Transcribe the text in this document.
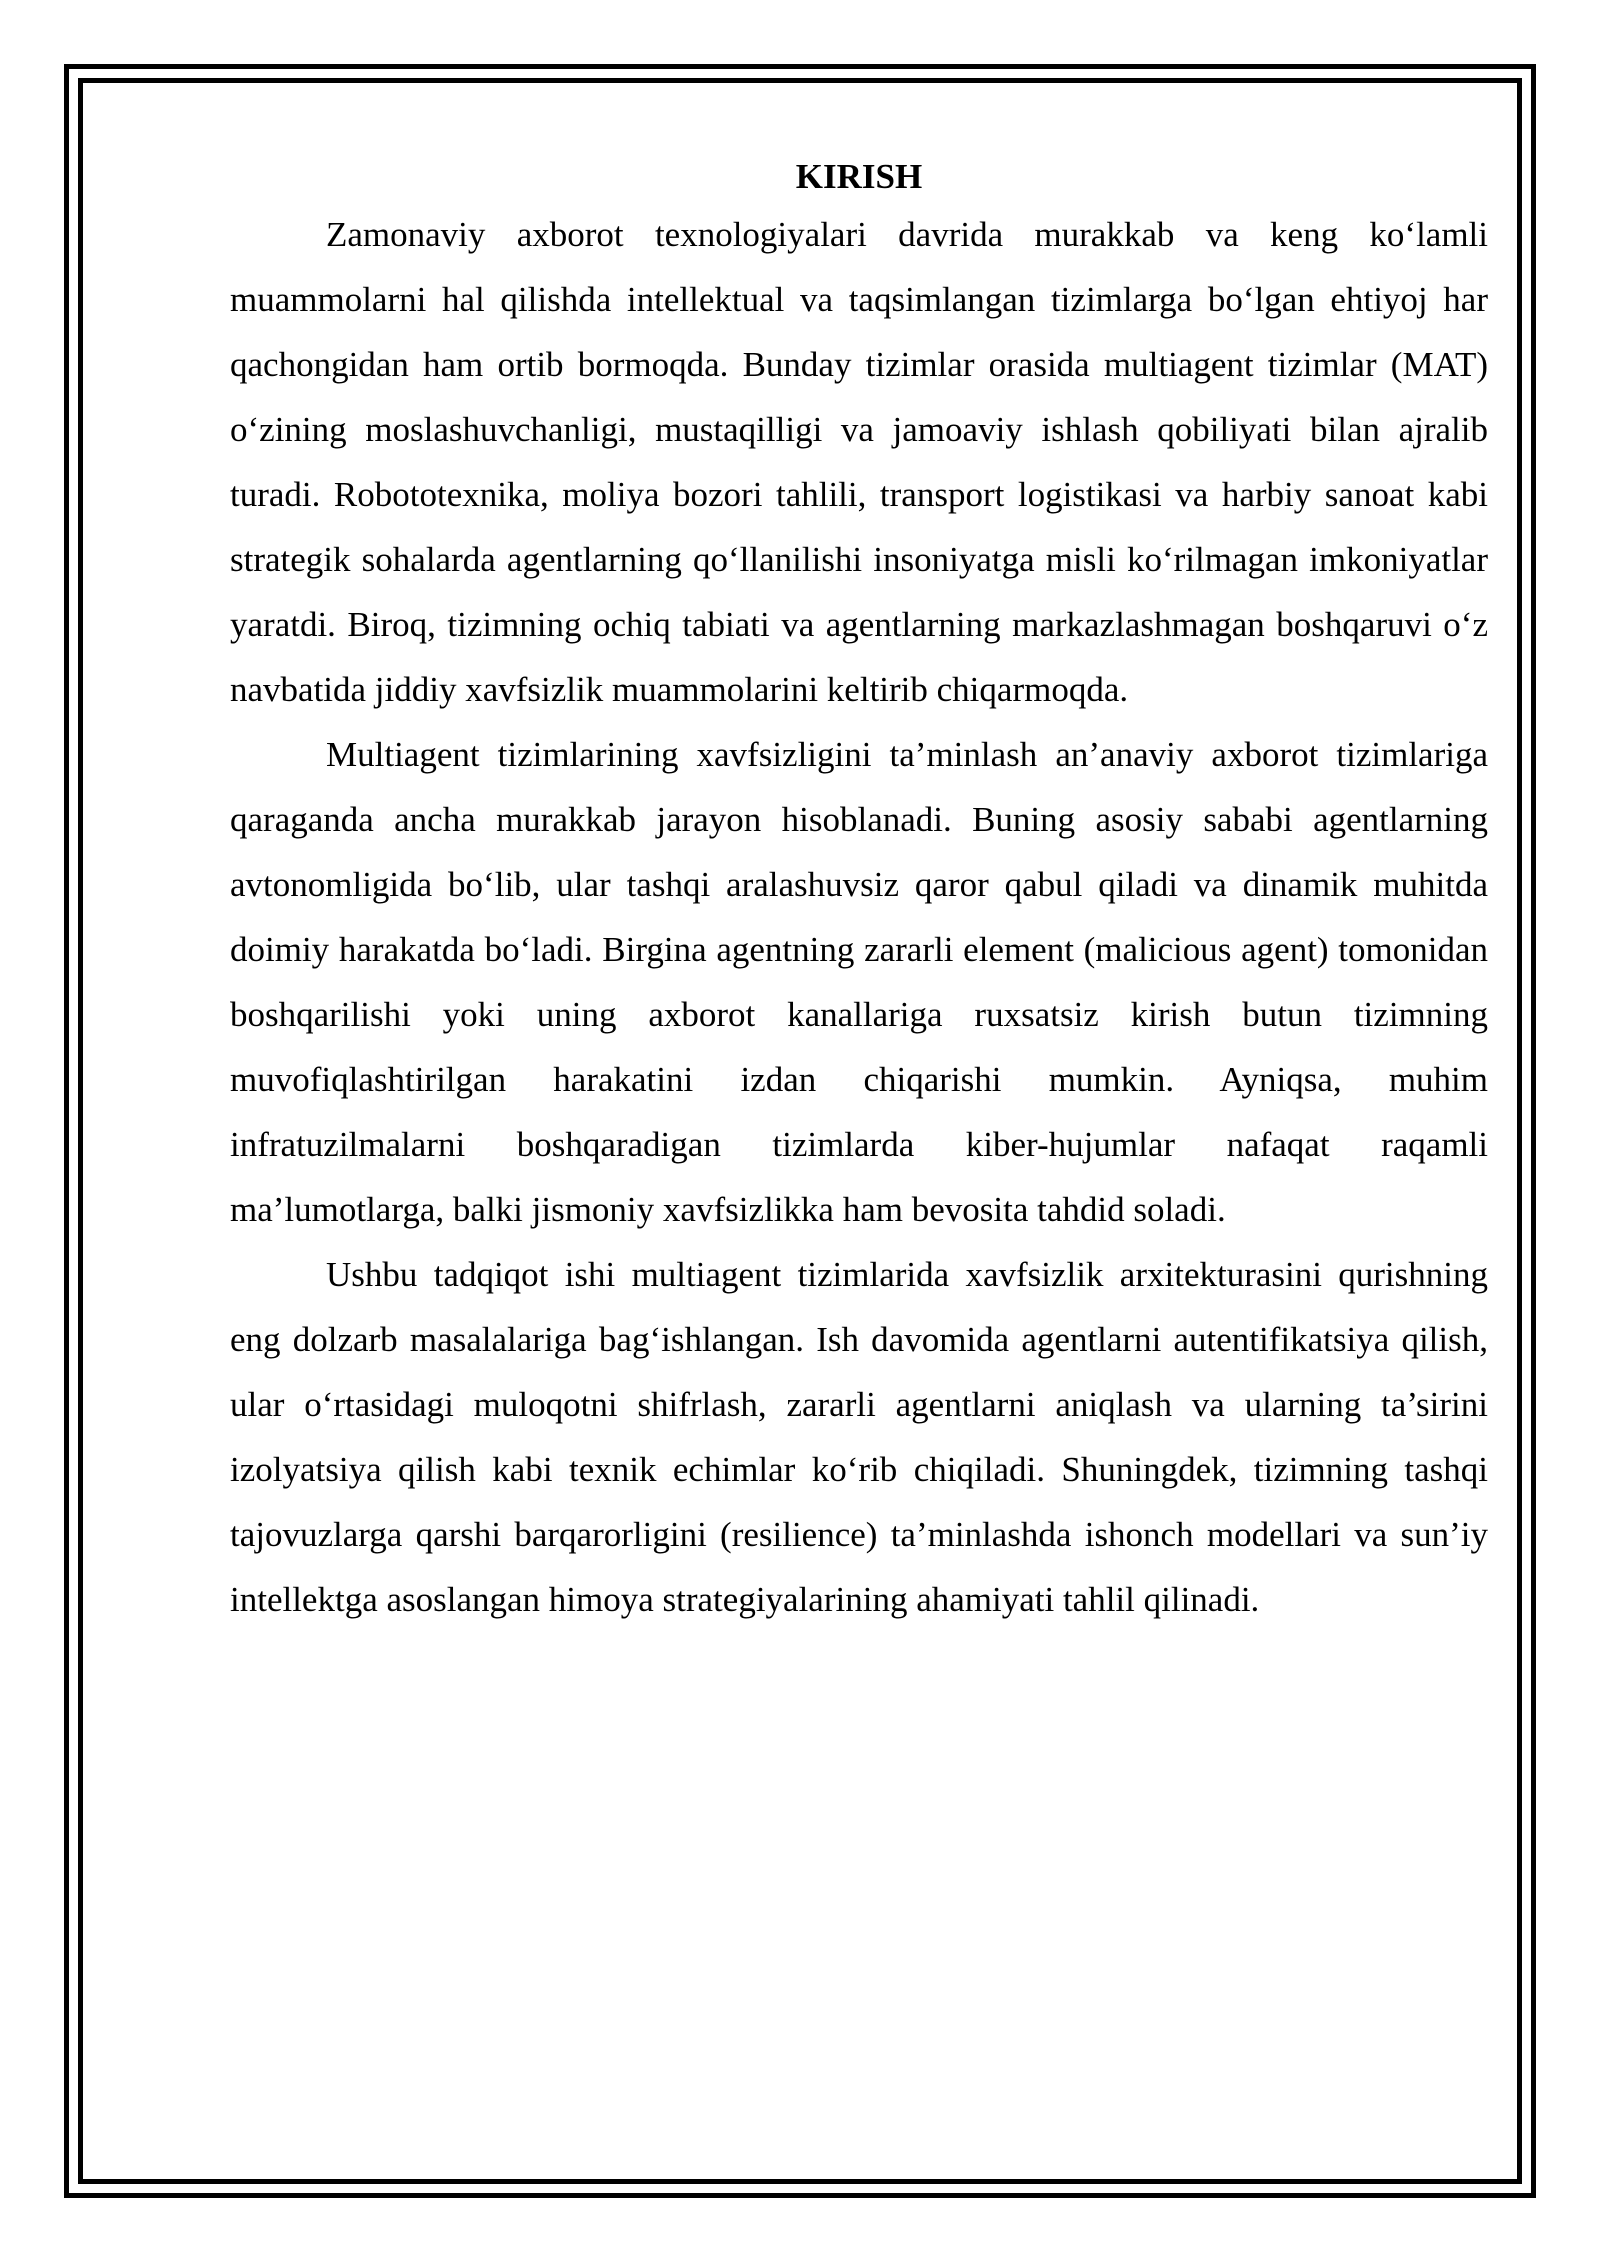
KIRISH

Zamonaviy axborot texnologiyalari davrida murakkab va keng ko‘lamli muammolarni hal qilishda intellektual va taqsimlangan tizimlarga bo‘lgan ehtiyoj har qachongidan ham ortib bormoqda. Bunday tizimlar orasida multiagent tizimlar (MAT) o‘zining moslashuvchanligi, mustaqilligi va jamoaviy ishlash qobiliyati bilan ajralib turadi. Robototexnika, moliya bozori tahlili, transport logistikasi va harbiy sanoat kabi strategik sohalarda agentlarning qo‘llanilishi insoniyatga misli ko‘rilmagan imkoniyatlar yaratdi. Biroq, tizimning ochiq tabiati va agentlarning markazlashmagan boshqaruvi o‘z navbatida jiddiy xavfsizlik muammolarini keltirib chiqarmoqda.

Multiagent tizimlarining xavfsizligini ta’minlash an’anaviy axborot tizimlariga qaraganda ancha murakkab jarayon hisoblanadi. Buning asosiy sababi agentlarning avtonomligida bo‘lib, ular tashqi aralashuvsiz qaror qabul qiladi va dinamik muhitda doimiy harakatda bo‘ladi. Birgina agentning zararli element (malicious agent) tomonidan boshqarilishi yoki uning axborot kanallariga ruxsatsiz kirish butun tizimning muvofiqlashtirilgan harakatini izdan chiqarishi mumkin. Ayniqsa, muhim infratuzilmalarni boshqaradigan tizimlarda kiber-hujumlar nafaqat raqamli ma’lumotlarga, balki jismoniy xavfsizlikka ham bevosita tahdid soladi.

Ushbu tadqiqot ishi multiagent tizimlarida xavfsizlik arxitekturasini qurishning eng dolzarb masalalariga bag‘ishlangan. Ish davomida agentlarni autentifikatsiya qilish, ular o‘rtasidagi muloqotni shifrlash, zararli agentlarni aniqlash va ularning ta’sirini izolyatsiya qilish kabi texnik echimlar ko‘rib chiqiladi. Shuningdek, tizimning tashqi tajovuzlarga qarshi barqarorligini (resilience) ta’minlashda ishonch modellari va sun’iy intellektga asoslangan himoya strategiyalarining ahamiyati tahlil qilinadi.
